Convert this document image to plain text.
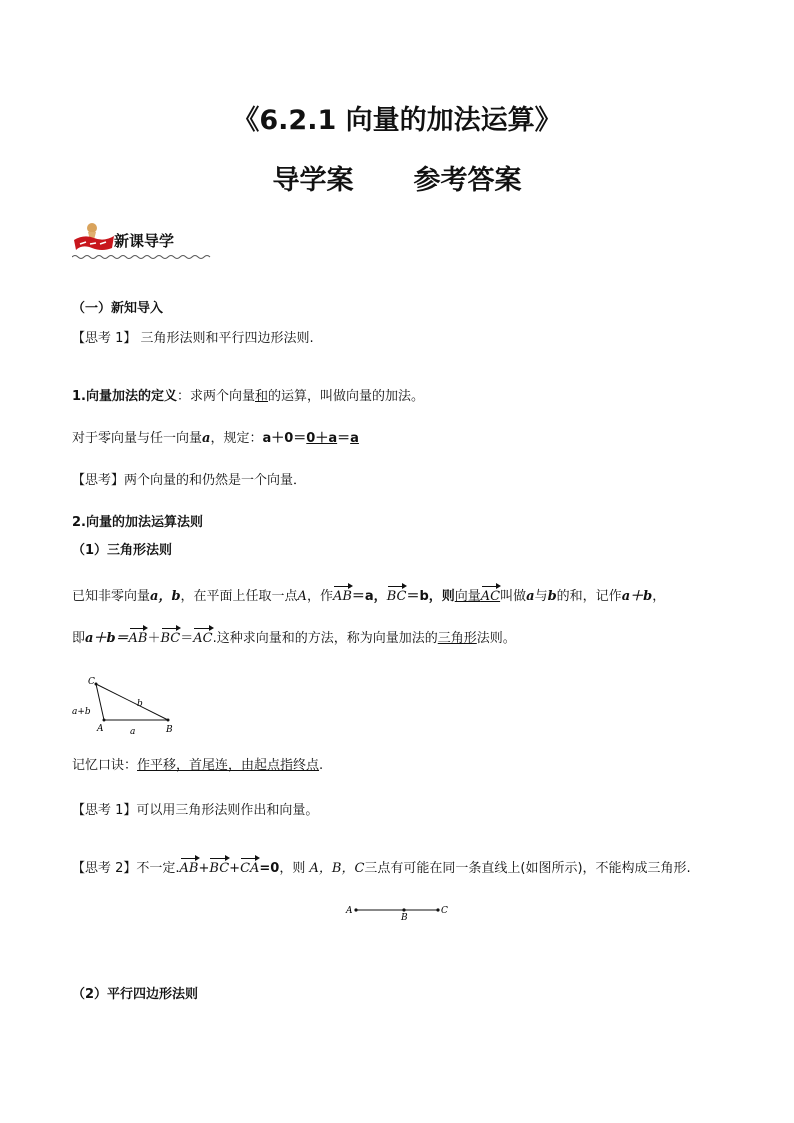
《6.2.1 向量的加法运算》
导学案 参考答案
新课导学
（一）新知导入
【思考 1】 三角形法则和平行四边形法则.
1.向量加法的定义：求两个向量和的运算，叫做向量的加法。
对于零向量与任一向量a，规定：a＋0＝0＋a＝a
【思考】两个向量的和仍然是一个向量．
2.向量的加法运算法则
（1）三角形法则
已知非零向量a，b，在平面上任取一点A，作AB＝a，BC＝b，则向量AC叫做a与b的和，记作a＋b，
即a＋b＝AB＋BC＝AC.这种求向量和的方法，称为向量加法的三角形法则。
C
A	B
a
b
a+b
记忆口诀：作平移，首尾连，由起点指终点.
【思考 1】可以用三角形法则作出和向量。
【思考 2】不一定.AB+BC+CA=0，则 A，B，C三点有可能在同一条直线上(如图所示)，不能构成三角形.
A
B
C
（2）平行四边形法则
